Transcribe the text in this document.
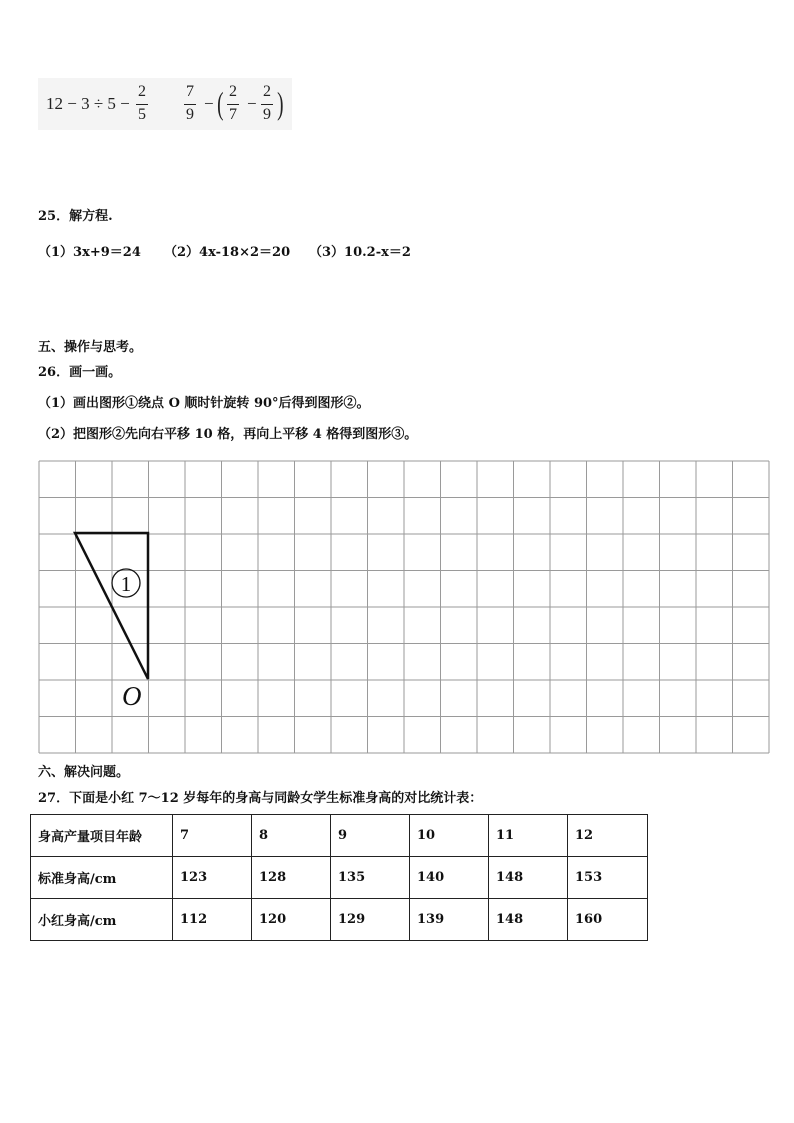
12 − 3 ÷ 5 −
2
5
7
9
− ( 2
7
−
2
9 )
25．解方程.
（1）3x+9＝24 （2）4x-18×2＝20 （3）10.2-x＝2
五、操作与思考。
26．画一画。
（1）画出图形①绕点 O 顺时针旋转 90°后得到图形②。
（2）把图形②先向右平移 10 格，再向上平移 4 格得到图形③。
1
O
六、解决问题。
27．下面是小红 7～12 岁每年的身高与同龄女学生标准身高的对比统计表：
身高产量项目年龄	7	8	9	10	11	12
标准身高/cm	123	128	135	140	148	153
小红身高/cm	112	120	129	139	148	160
